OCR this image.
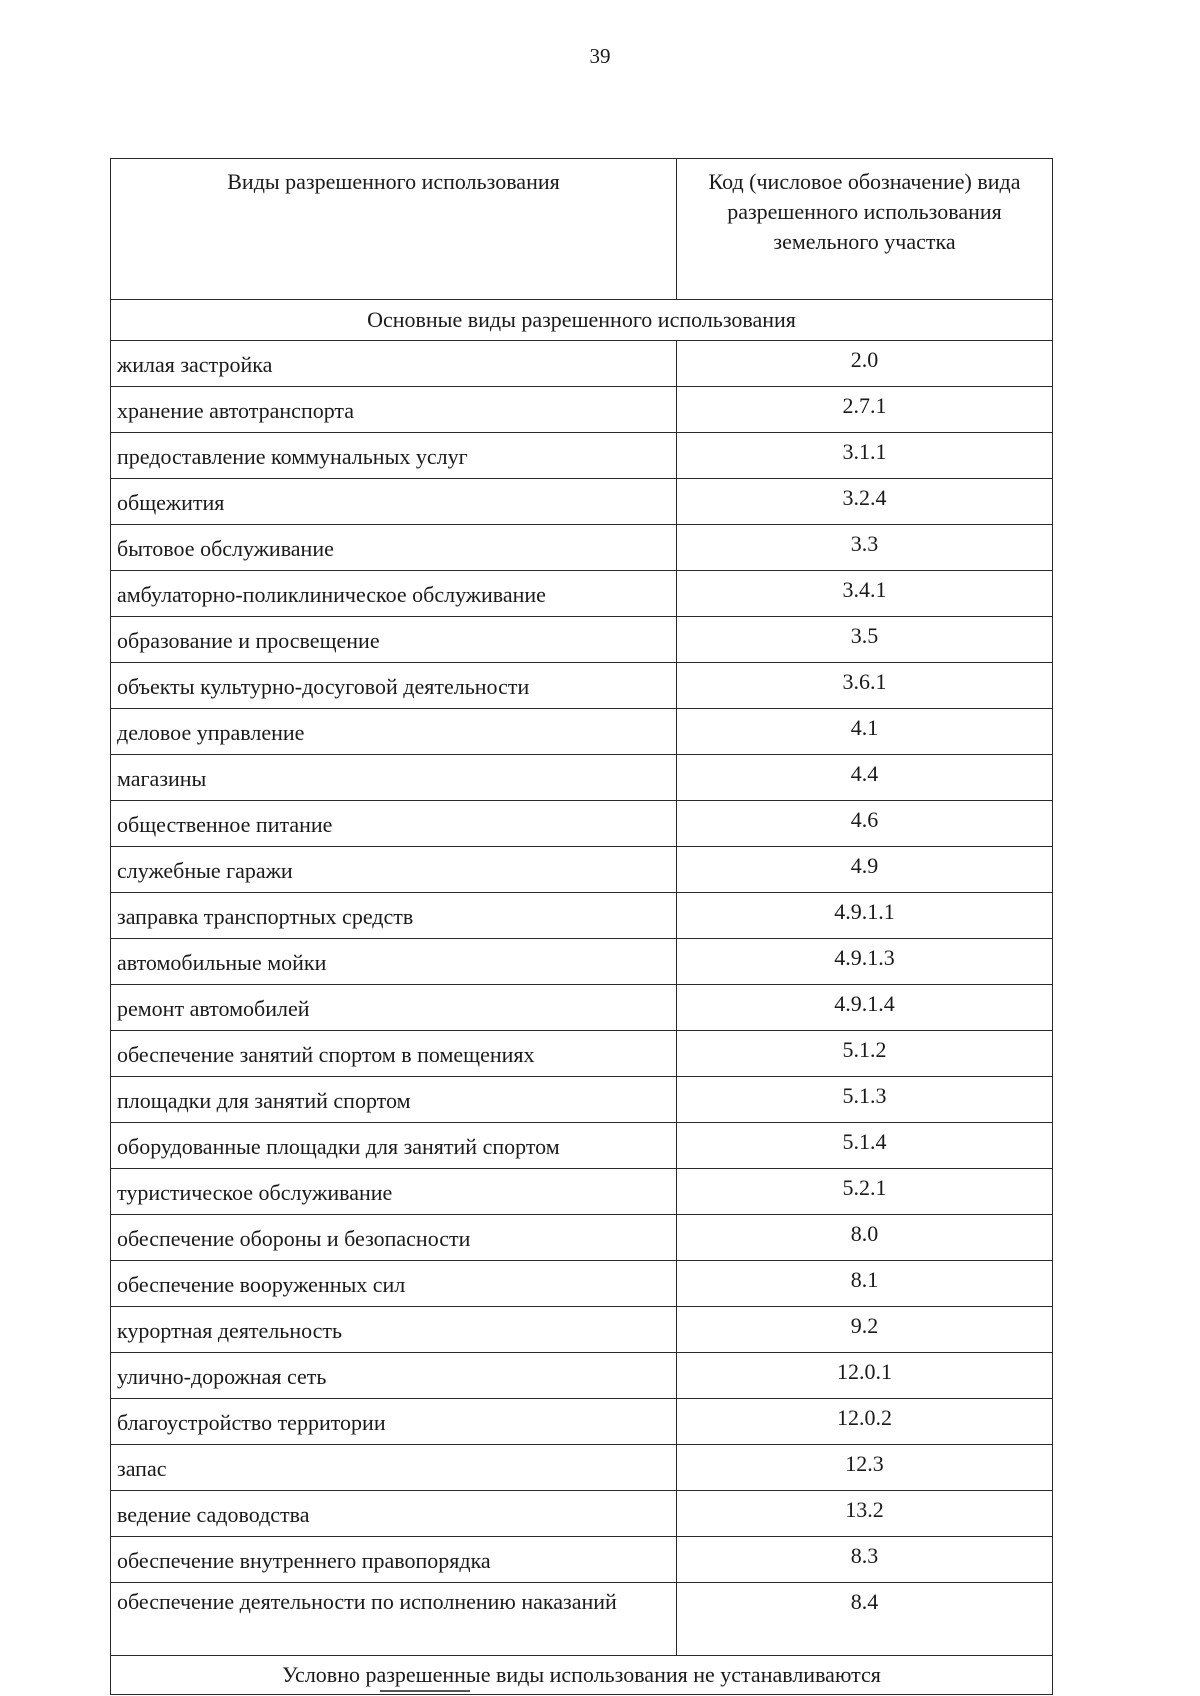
39
Виды разрешенного использования	Код (числовое обозначение) вида разрешенного использования земельного участка
Основные виды разрешенного использования	
жилая застройка	2.0
хранение автотранспорта	2.7.1
предоставление коммунальных услуг	3.1.1
общежития	3.2.4
бытовое обслуживание	3.3
амбулаторно-поликлиническое обслуживание	3.4.1
образование и просвещение	3.5
объекты культурно-досуговой деятельности	3.6.1
деловое управление	4.1
магазины	4.4
общественное питание	4.6
служебные гаражи	4.9
заправка транспортных средств	4.9.1.1
автомобильные мойки	4.9.1.3
ремонт автомобилей	4.9.1.4
обеспечение занятий спортом в помещениях	5.1.2
площадки для занятий спортом	5.1.3
оборудованные площадки для занятий спортом	5.1.4
туристическое обслуживание	5.2.1
обеспечение обороны и безопасности	8.0
обеспечение вооруженных сил	8.1
курортная деятельность	9.2
улично-дорожная сеть	12.0.1
благоустройство территории	12.0.2
запас	12.3
ведение садоводства	13.2
обеспечение внутреннего правопорядка	8.3
обеспечение деятельности по исполнению наказаний	8.4
Условно разрешенные виды использования не устанавливаются	
